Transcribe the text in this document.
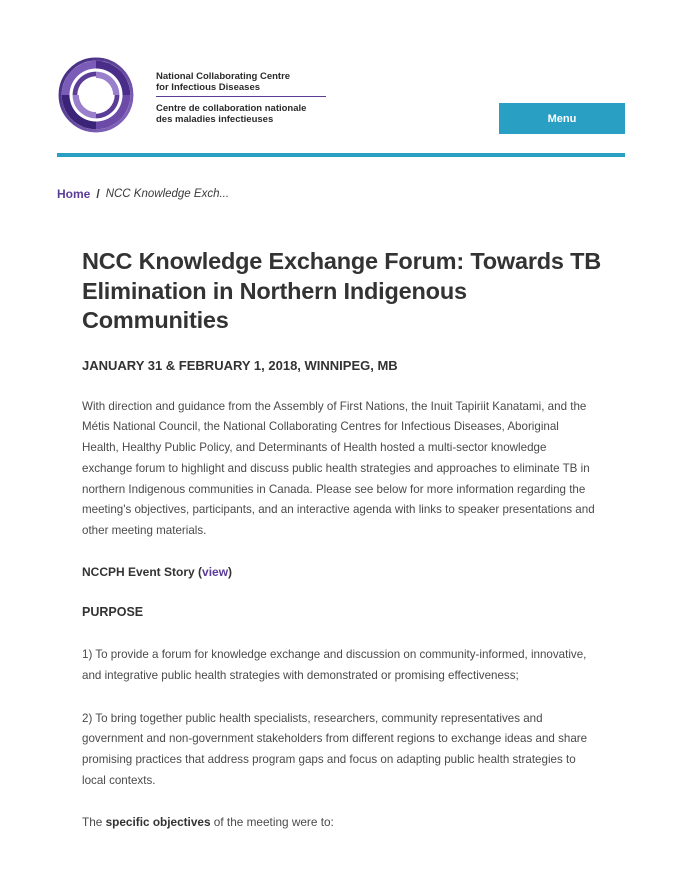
National Collaborating Centre
for Infectious Diseases
Centre de collaboration nationale
des maladies infectieuses	Menu
Home / NCC Knowledge Exch...
NCC Knowledge Exchange Forum: Towards TB Elimination in Northern Indigenous Communities
JANUARY 31 & FEBRUARY 1, 2018, WINNIPEG, MB

With direction and guidance from the Assembly of First Nations, the Inuit Tapiriit Kanatami, and the Métis National Council, the National Collaborating Centres for Infectious Diseases, Aboriginal Health, Healthy Public Policy, and Determinants of Health hosted a multi-sector knowledge exchange forum to highlight and discuss public health strategies and approaches to eliminate TB in northern Indigenous communities in Canada. Please see below for more information regarding the meeting's objectives, participants, and an interactive agenda with links to speaker presentations and other meeting materials.

NCCPH Event Story (view)
PURPOSE

1) To provide a forum for knowledge exchange and discussion on community-informed, innovative, and integrative public health strategies with demonstrated or promising effectiveness;

2) To bring together public health specialists, researchers, community representatives and government and non-government stakeholders from different regions to exchange ideas and share promising practices that address program gaps and focus on adapting public health strategies to local contexts.

The specific objectives of the meeting were to:
